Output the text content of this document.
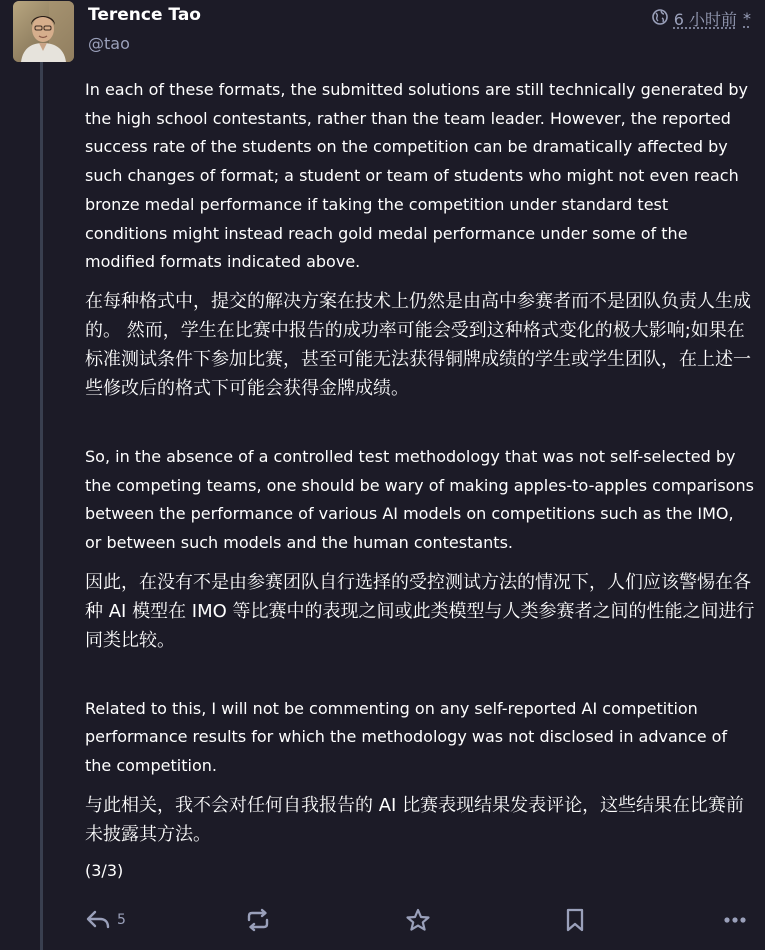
Terence Tao
@tao
6 小时前 *

In each of these formats, the submitted solutions are still technically generated by the high school contestants, rather than the team leader. However, the reported success rate of the students on the competition can be dramatically affected by such changes of format; a student or team of students who might not even reach bronze medal performance if taking the competition under standard test conditions might instead reach gold medal performance under some of the modified formats indicated above.

在每种格式中，提交的解决方案在技术上仍然是由高中参赛者而不是团队负责人生成的。 然而，学生在比赛中报告的成功率可能会受到这种格式变化的极大影响;如果在标准测试条件下参加比赛，甚至可能无法获得铜牌成绩的学生或学生团队，在上述一些修改后的格式下可能会获得金牌成绩。

So, in the absence of a controlled test methodology that was not self-selected by the competing teams, one should be wary of making apples-to-apples comparisons between the performance of various AI models on competitions such as the IMO, or between such models and the human contestants.

因此，在没有不是由参赛团队自行选择的受控测试方法的情况下，人们应该警惕在各种 AI 模型在 IMO 等比赛中的表现之间或此类模型与人类参赛者之间的性能之间进行同类比较。

Related to this, I will not be commenting on any self-reported AI competition performance results for which the methodology was not disclosed in advance of the competition.

与此相关，我不会对任何自我报告的 AI 比赛表现结果发表评论，这些结果在比赛前未披露其方法。

(3/3)

5
